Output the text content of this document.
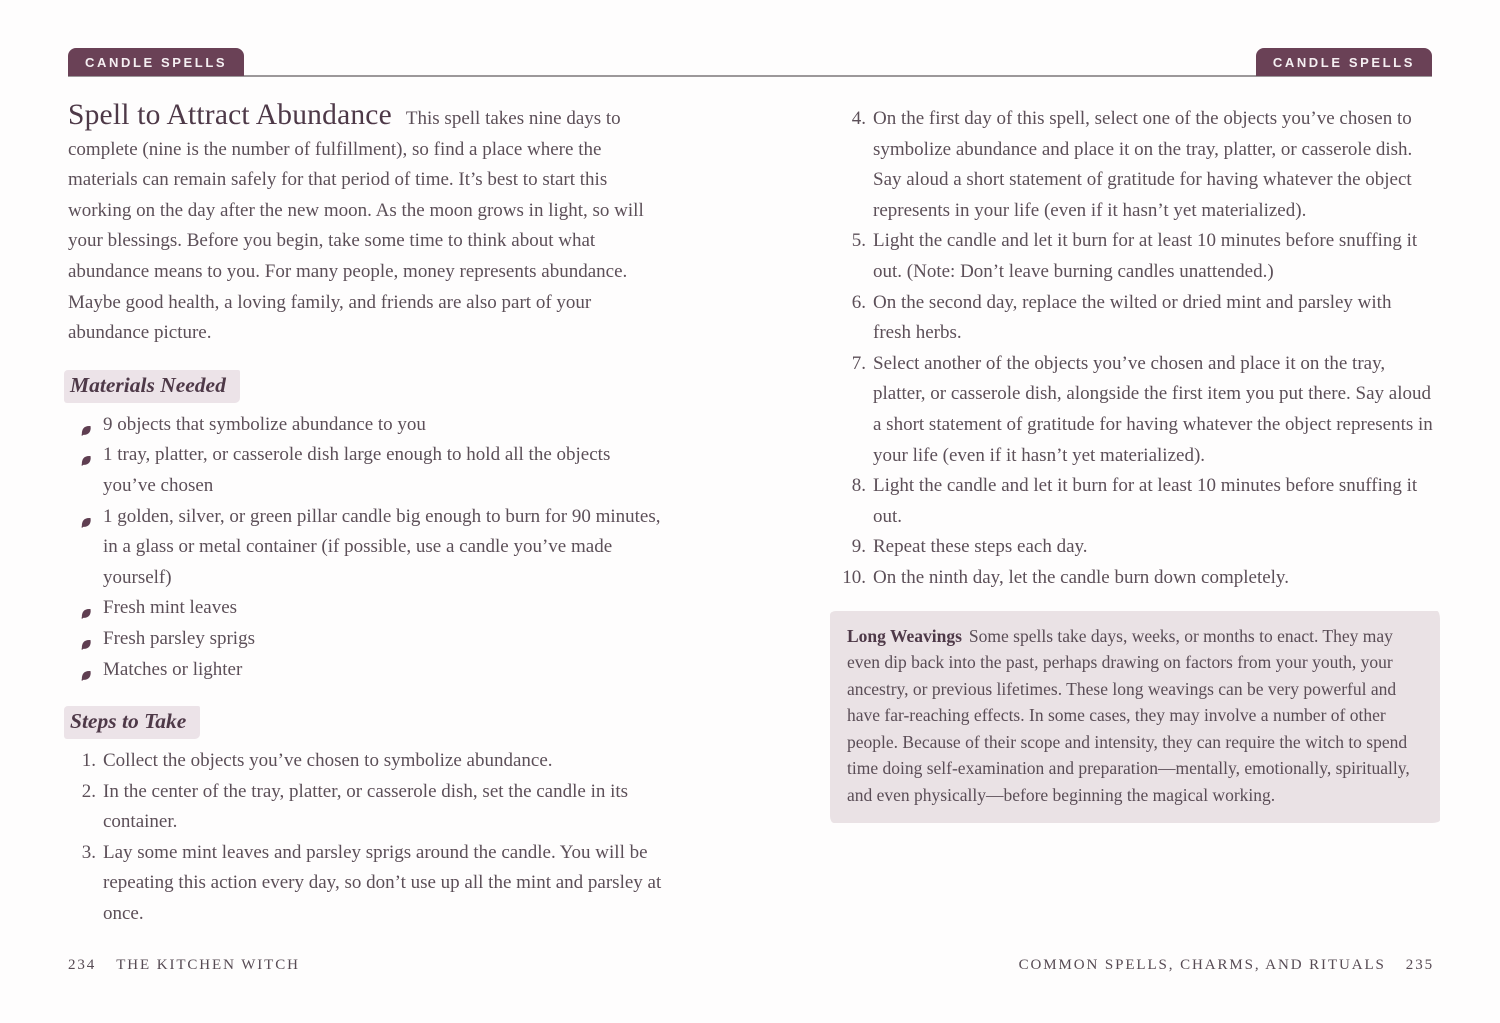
CANDLE SPELLS	CANDLE SPELLS

Spell to Attract Abundance This spell takes nine days to complete (nine is the number of fulfillment), so find a place where the materials can remain safely for that period of time. It’s best to start this working on the day after the new moon. As the moon grows in light, so will your blessings. Before you begin, take some time to think about what abundance means to you. For many people, money represents abundance. Maybe good health, a loving family, and friends are also part of your abundance picture.

Materials Needed
9 objects that symbolize abundance to you
1 tray, platter, or casserole dish large enough to hold all the objects you’ve chosen
1 golden, silver, or green pillar candle big enough to burn for 90 minutes, in a glass or metal container (if possible, use a candle you’ve made yourself)
Fresh mint leaves
Fresh parsley sprigs
Matches or lighter
Steps to Take
1. Collect the objects you’ve chosen to symbolize abundance.
2. In the center of the tray, platter, or casserole dish, set the candle in its container.
3. Lay some mint leaves and parsley sprigs around the candle. You will be repeating this action every day, so don’t use up all the mint and parsley at once.
4. On the first day of this spell, select one of the objects you’ve chosen to symbolize abundance and place it on the tray, platter, or casserole dish. Say aloud a short statement of gratitude for having whatever the object represents in your life (even if it hasn’t yet materialized).
5. Light the candle and let it burn for at least 10 minutes before snuffing it out. (Note: Don’t leave burning candles unattended.)
6. On the second day, replace the wilted or dried mint and parsley with fresh herbs.
7. Select another of the objects you’ve chosen and place it on the tray, platter, or casserole dish, alongside the first item you put there. Say aloud a short statement of gratitude for having whatever the object represents in your life (even if it hasn’t yet materialized).
8. Light the candle and let it burn for at least 10 minutes before snuffing it out.
9. Repeat these steps each day.
10. On the ninth day, let the candle burn down completely.
Long Weavings Some spells take days, weeks, or months to enact. They may even dip back into the past, perhaps drawing on factors from your youth, your ancestry, or previous lifetimes. These long weavings can be very powerful and have far-reaching effects. In some cases, they may involve a number of other people. Because of their scope and intensity, they can require the witch to spend time doing self-examination and preparation—mentally, emotionally, spiritually, and even physically—before beginning the magical working.
234 THE KITCHEN WITCH	COMMON SPELLS, CHARMS, AND RITUALS 235
